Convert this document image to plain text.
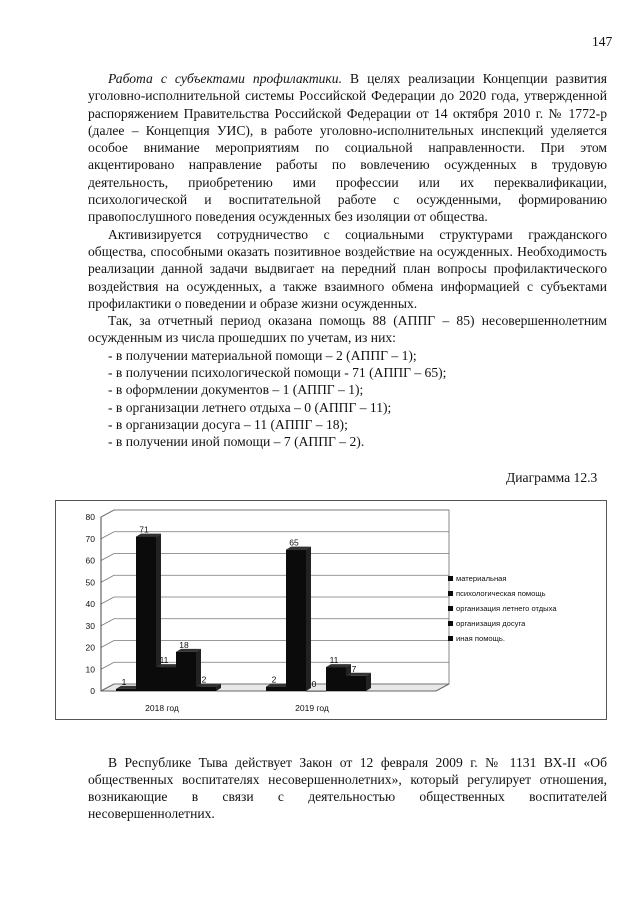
147

Работа с субъектами профилактики. В целях реализации Концепции развития уголовно-исполнительной системы Российской Федерации до 2020 года, утвержденной распоряжением Правительства Российской Федерации от 14 октября 2010 г. № 1772-р (далее – Концепция УИС), в работе уголовно-исполнительных инспекций уделяется особое внимание мероприятиям по социальной направленности. При этом акцентировано направление работы по вовлечению осужденных в трудовую деятельность, приобретению ими профессии или их переквалификации, психологической и воспитательной работе с осужденными, формированию правопослушного поведения осужденных без изоляции от общества.

Активизируется сотрудничество с социальными структурами гражданского общества, способными оказать позитивное воздействие на осужденных. Необходимость реализации данной задачи выдвигает на передний план вопросы профилактического воздействия на осужденных, а также взаимного обмена информацией с субъектами профилактики о поведении и образе жизни осужденных.

Так, за отчетный период оказана помощь 88 (АППГ – 85) несовершеннолетним осужденным из числа прошедших по учетам, из них:

- в получении материальной помощи – 2 (АППГ – 1);

- в получении психологической помощи - 71 (АППГ – 65);

- в оформлении документов – 1 (АППГ – 1);

- в организации летнего отдыха – 0 (АППГ – 11);

- в организации досуга – 11 (АППГ – 18);

- в получении иной помощи – 7 (АППГ – 2).

Диаграмма 12.3
0
10
20
30
40
50
60
70
80
1
71
11
18
2
2018 год
2
65
0
11
7
2019 год
материальная
психологическая помощь
организация летнего отдыха
организация досуга
иная помощь.

В Республике Тыва действует Закон от 12 февраля 2009 г. № 1131 ВХ-II «Об общественных воспитателях несовершеннолетних», который регулирует отношения, возникающие в связи с деятельностью общественных воспитателей несовершеннолетних.
